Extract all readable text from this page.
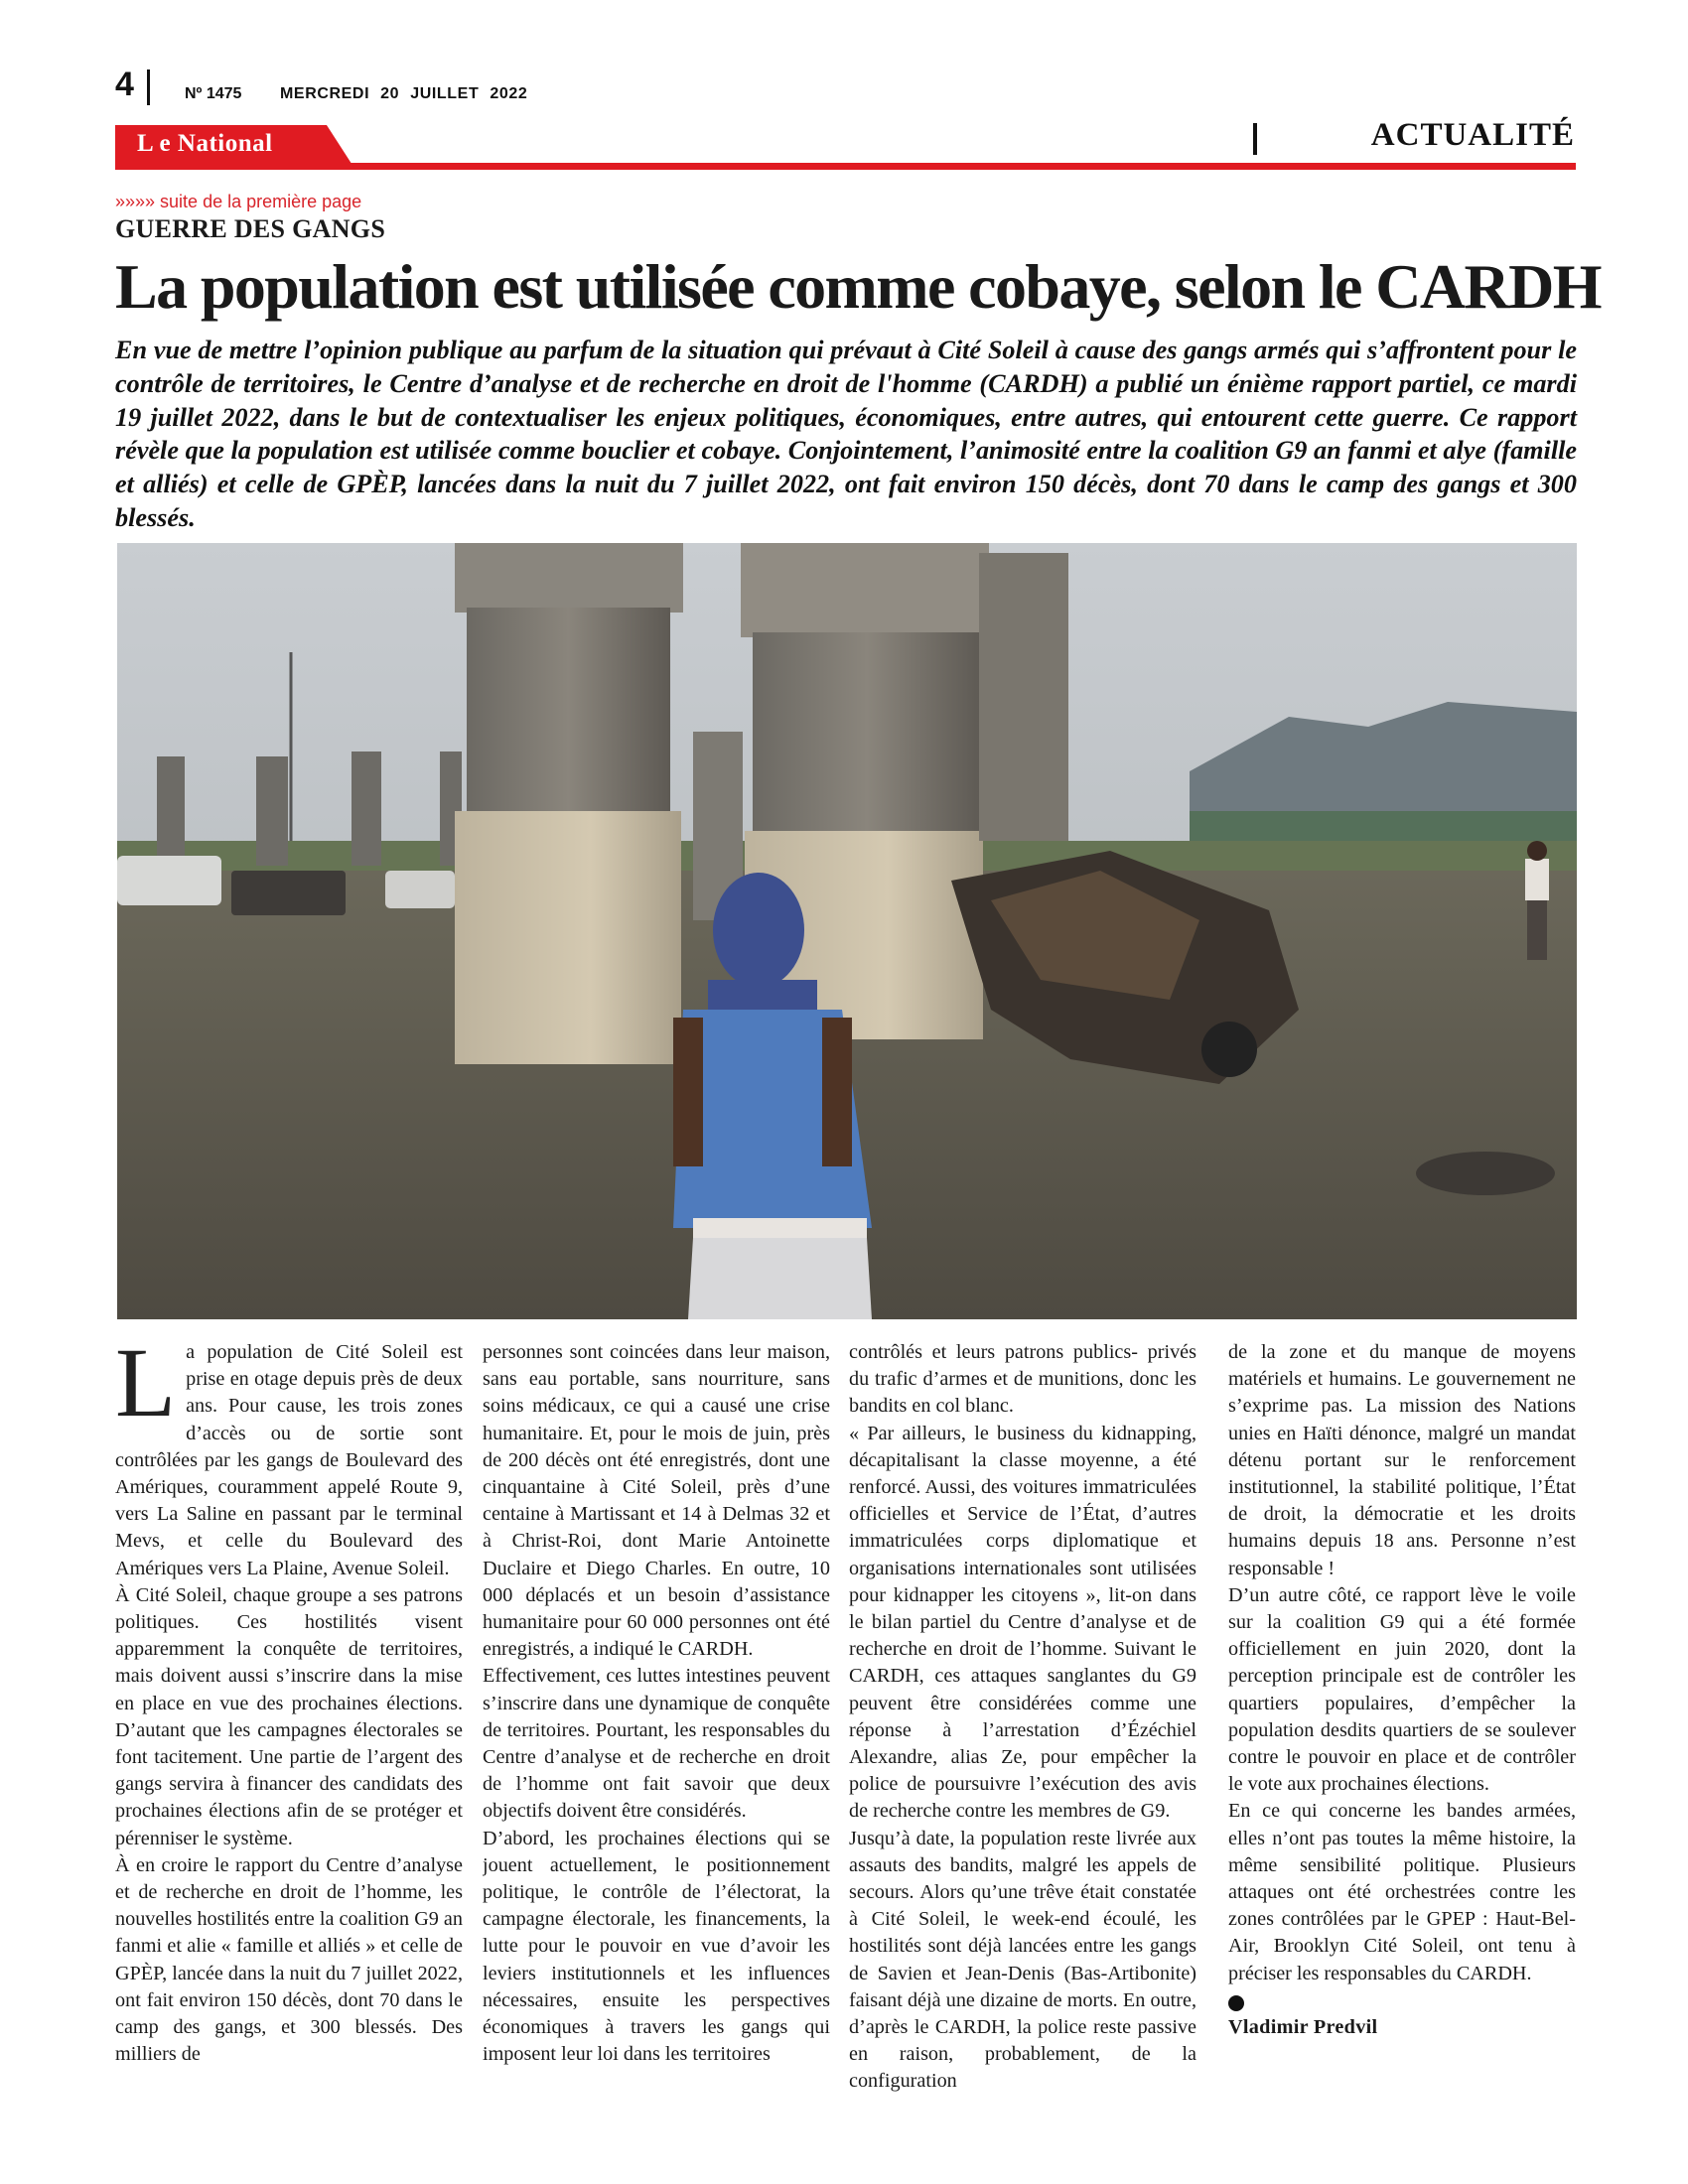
4	Nº 1475 MERCREDI 20 JUILLET 2022
L e National	ACTUALITÉ
»»»» suite de la première page
GUERRE DES GANGS
La population est utilisée comme cobaye, selon le CARDH
En vue de mettre l’opinion publique au parfum de la situation qui prévaut à Cité Soleil à cause des gangs armés qui s’affrontent pour le contrôle de territoires, le Centre d’analyse et de recherche en droit de l'homme (CARDH) a publié un énième rapport partiel, ce mardi 19 juillet 2022, dans le but de contextualiser les enjeux politiques, économiques, entre autres, qui entourent cette guerre. Ce rapport révèle que la population est utilisée comme bouclier et cobaye. Conjointement, l’animosité entre la coalition G9 an fanmi et alye (famille et alliés) et celle de GPÈP, lancées dans la nuit du 7 juillet 2022, ont fait environ 150 décès, dont 70 dans le camp des gangs et 300 blessés.
L a population de Cité Soleil est prise en otage depuis près de deux ans. Pour cause, les trois zones d’accès ou de sortie sont contrôlées par les gangs de Boulevard des Amériques, couramment appelé Route 9, vers La Saline en passant par le terminal Mevs, et celle du Boulevard des Amériques vers La Plaine, Avenue Soleil.

À Cité Soleil, chaque groupe a ses patrons politiques. Ces hostilités visent apparemment la conquête de territoires, mais doivent aussi s’inscrire dans la mise en place en vue des prochaines élections. D’autant que les campagnes électorales se font tacitement. Une partie de l’argent des gangs servira à financer des candidats des prochaines élections afin de se protéger et pérenniser le système.

À en croire le rapport du Centre d’analyse et de recherche en droit de l’homme, les nouvelles hostilités entre la coalition G9 an fanmi et alie « famille et alliés » et celle de GPÈP, lancée dans la nuit du 7 juillet 2022, ont fait environ 150 décès, dont 70 dans le camp des gangs, et 300 blessés. Des milliers de

personnes sont coincées dans leur maison, sans eau portable, sans nourriture, sans soins médicaux, ce qui a causé une crise humanitaire. Et, pour le mois de juin, près de 200 décès ont été enregistrés, dont une cinquantaine à Cité Soleil, près d’une centaine à Martissant et 14 à Delmas 32 et à Christ-Roi, dont Marie Antoinette Duclaire et Diego Charles. En outre, 10 000 déplacés et un besoin d’assistance humanitaire pour 60 000 personnes ont été enregistrés, a indiqué le CARDH.

Effectivement, ces luttes intestines peuvent s’inscrire dans une dynamique de conquête de territoires. Pourtant, les responsables du Centre d’analyse et de recherche en droit de l’homme ont fait savoir que deux objectifs doivent être considérés.

D’abord, les prochaines élections qui se jouent actuellement, le positionnement politique, le contrôle de l’électorat, la campagne électorale, les financements, la lutte pour le pouvoir en vue d’avoir les leviers institutionnels et les influences nécessaires, ensuite les perspectives économiques à travers les gangs qui imposent leur loi dans les territoires

contrôlés et leurs patrons publics- privés du trafic d’armes et de munitions, donc les bandits en col blanc.

« Par ailleurs, le business du kidnapping, décapitalisant la classe moyenne, a été renforcé. Aussi, des voitures immatriculées officielles et Service de l’État, d’autres immatriculées corps diplomatique et organisations internationales sont utilisées pour kidnapper les citoyens », lit-on dans le bilan partiel du Centre d’analyse et de recherche en droit de l’homme. Suivant le CARDH, ces attaques sanglantes du G9 peuvent être considérées comme une réponse à l’arrestation d’Ézéchiel Alexandre, alias Ze, pour empêcher la police de poursuivre l’exécution des avis de recherche contre les membres de G9.

Jusqu’à date, la population reste livrée aux assauts des bandits, malgré les appels de secours. Alors qu’une trêve était constatée à Cité Soleil, le week-end écoulé, les hostilités sont déjà lancées entre les gangs de Savien et Jean-Denis (Bas-Artibonite) faisant déjà une dizaine de morts. En outre, d’après le CARDH, la police reste passive en raison, probablement, de la configuration

de la zone et du manque de moyens matériels et humains. Le gouvernement ne s’exprime pas. La mission des Nations unies en Haïti dénonce, malgré un mandat détenu portant sur le renforcement institutionnel, la stabilité politique, l’État de droit, la démocratie et les droits humains depuis 18 ans. Personne n’est responsable !

D’un autre côté, ce rapport lève le voile sur la coalition G9 qui a été formée officiellement en juin 2020, dont la perception principale est de contrôler les quartiers populaires, d’empêcher la population desdits quartiers de se soulever contre le pouvoir en place et de contrôler le vote aux prochaines élections.

En ce qui concerne les bandes armées, elles n’ont pas toutes la même histoire, la même sensibilité politique. Plusieurs attaques ont été orchestrées contre les zones contrôlées par le GPEP : Haut-Bel-Air, Brooklyn Cité Soleil, ont tenu à préciser les responsables du CARDH.

Vladimir Predvil
